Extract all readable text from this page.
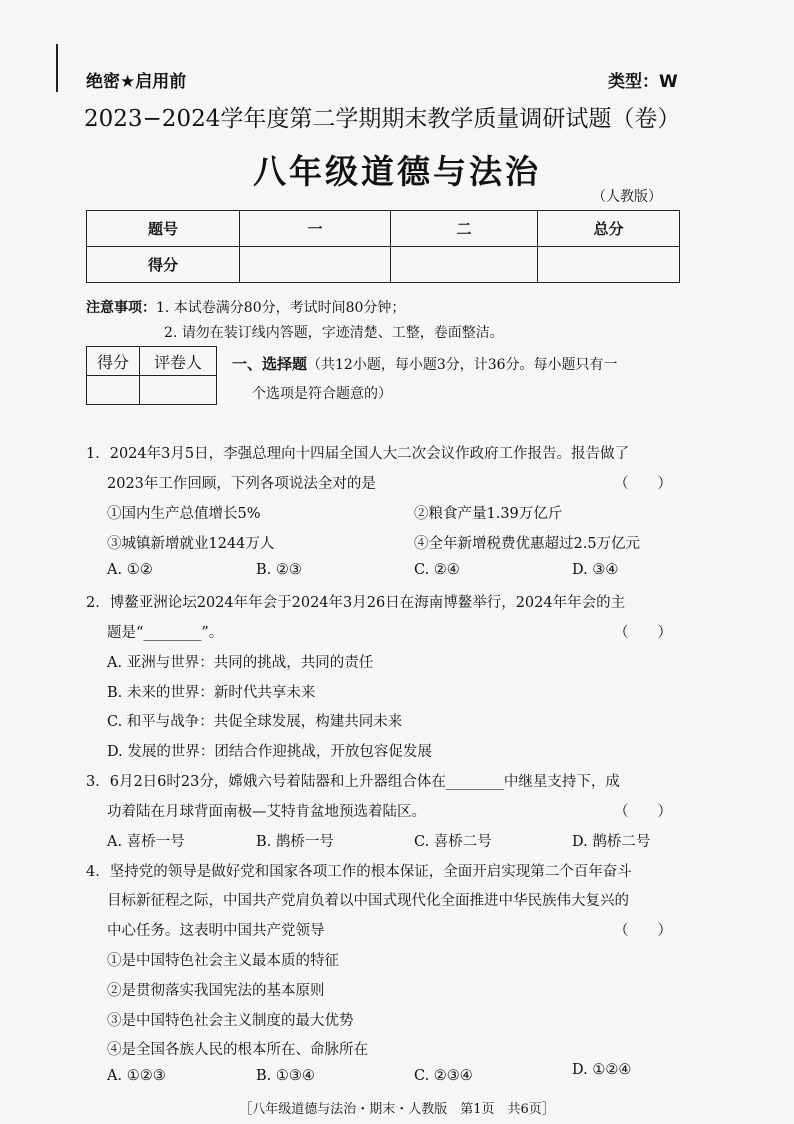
绝密★启用前	类型：W
2023−2024学年度第二学期期末教学质量调研试题（卷）
八年级道德与法治
（人教版）
题号	一	二	总分
得分			
注意事项：1. 本试卷满分80分，考试时间80分钟；
2. 请勿在装订线内答题，字迹清楚、工整，卷面整洁。
得分	评卷人
	一、选择题（共12小题，每小题3分，计36分。每小题只有一
个选项是符合题意的）
1．2024年3月5日，李强总理向十四届全国人大二次会议作政府工作报告。报告做了
2023年工作回顾，下列各项说法全对的是	（　　）
①国内生产总值增长5%	②粮食产量1.39万亿斤
③城镇新增就业1244万人	④全年新增税费优惠超过2.5万亿元
A. ①②	B. ②③	C. ②④	D. ③④
2．博鳌亚洲论坛2024年年会于2024年3月26日在海南博鳌举行，2024年年会的主
题是“________”。	（　　）
A. 亚洲与世界：共同的挑战，共同的责任
B. 未来的世界：新时代共享未来
C. 和平与战争：共促全球发展，构建共同未来
D. 发展的世界：团结合作迎挑战，开放包容促发展
3．6月2日6时23分，嫦娥六号着陆器和上升器组合体在________中继星支持下，成
功着陆在月球背面南极—艾特肯盆地预选着陆区。	（　　）
A. 喜桥一号	B. 鹊桥一号	C. 喜桥二号	D. 鹊桥二号
4．坚持党的领导是做好党和国家各项工作的根本保证，全面开启实现第二个百年奋斗
目标新征程之际，中国共产党肩负着以中国式现代化全面推进中华民族伟大复兴的
中心任务。这表明中国共产党领导	（　　）
①是中国特色社会主义最本质的特征
②是贯彻落实我国宪法的基本原则
③是中国特色社会主义制度的最大优势
④是全国各族人民的根本所在、命脉所在
A. ①②③	B. ①③④	C. ②③④	D. ①②④
［八年级道德与法治・期末・人教版　第1页　共6页］
